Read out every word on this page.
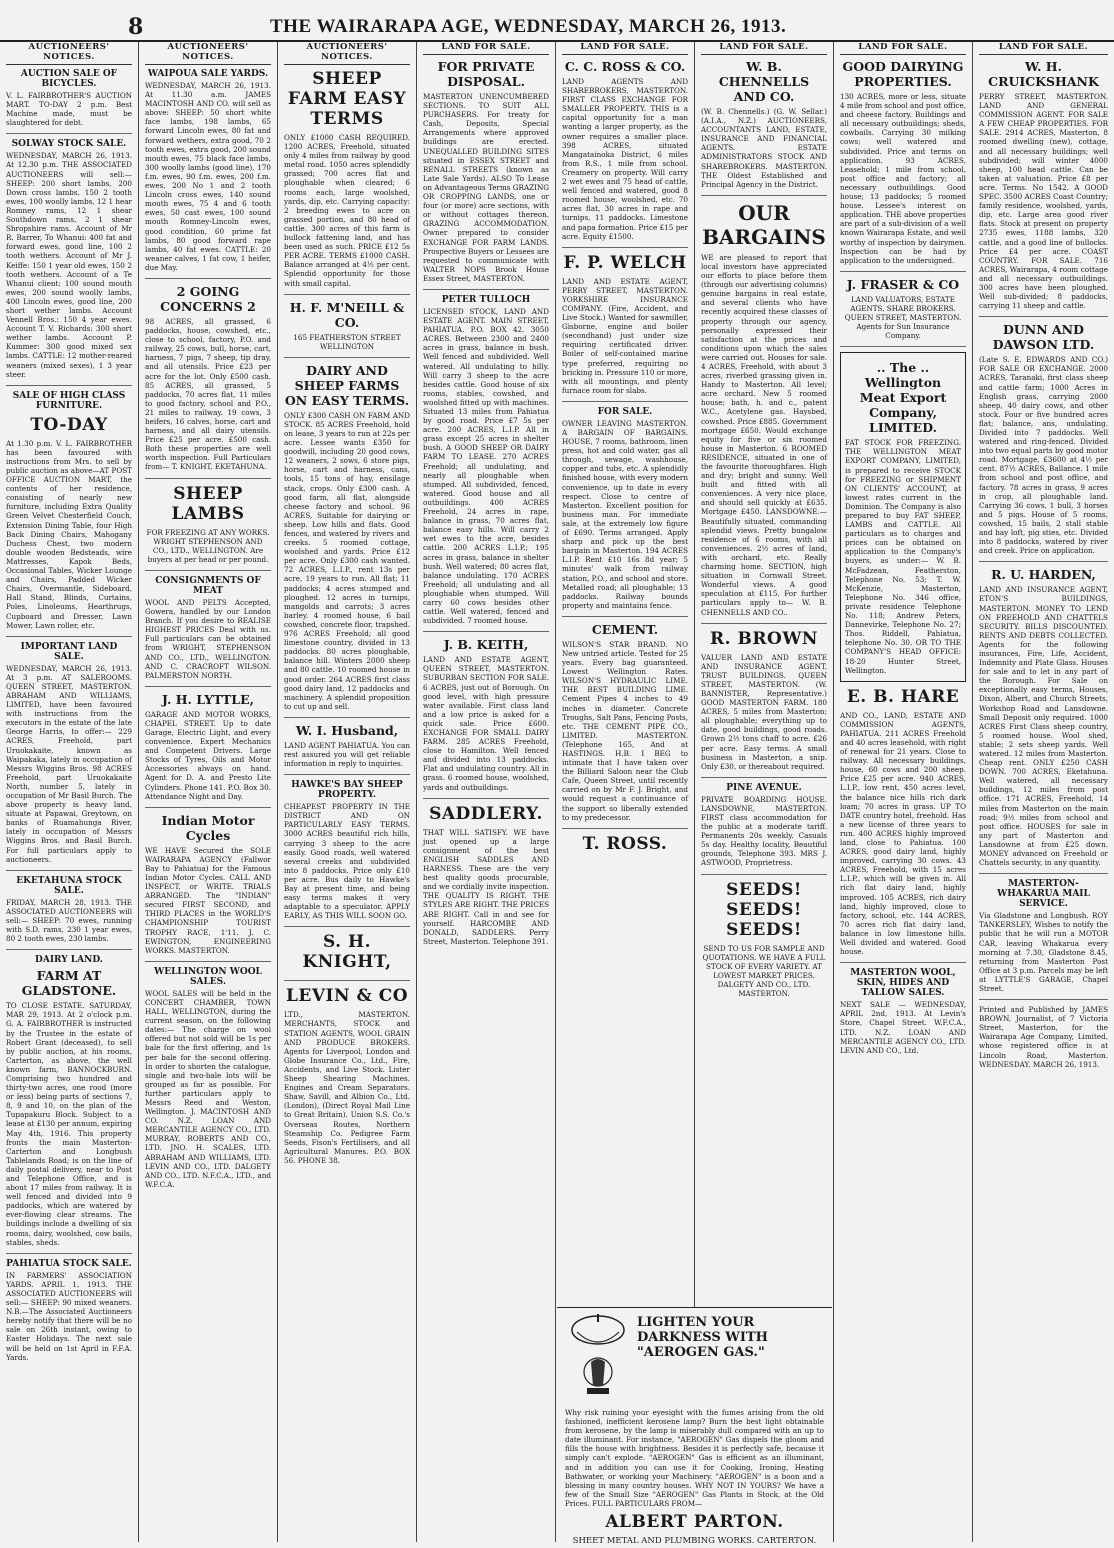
8	THE WAIRARAPA AGE, WEDNESDAY, MARCH 26, 1913.
AUCTIONEERS' NOTICES.
AUCTION SALE OF BICYCLES.
V. L. FAIRBROTHER'S AUCTION MART. TO-DAY 2 p.m. Best Machine made, must be slaughtered for debt.
SOLWAY STOCK SALE.
WEDNESDAY, MARCH 26, 1913. At 12.30 p.m. THE ASSOCIATED AUCTIONEERS will sell:— SHEEP: 200 short lambs, 200 Down cross lambs, 150 2 tooth ewes, 100 woolly lambs, 12 1 hear Romney rams, 12 1 shear Southdown rams, 2 1 shear Shropshire rams. Account of Mr R. Barrer, To Whanui: 400 fat and forward ewes, good line, 100 2 tooth wethers. Account of Mr J. Keiffe: 150 1 year old ewes, 150 2 tooth wethers. Account of a Te Whanui client: 100 sound mouth ewes, 200 sound woolly lambs, 400 Lincoln ewes, good line, 200 short wether lambs. Account Vennell Bros.: 150 4 year ewes. Account T. V. Richards: 300 short wether lambs. Account P. Kummer: 300 good mixed sex lambs. CATTLE: 12 mother-reared weaners (mixed sexes), 1 3 year steer.
SALE OF HIGH CLASS FURNITURE.
TO-DAY
At 1.30 p.m. V. L. FAIRBROTHER has been favoured with instructions from Mrs. to sell by public auction as above—AT POST OFFICE AUCTION MART, the contents of her residence, consisting of nearly new furniture, including Extra Quality Green Velvet Chesterfield Couch, Extension Dining Table, four High Back Dining Chairs, Mahogany Duchess Chest, two modern double wooden Bedsteads, wire Mattresses, Kapok Beds, Occasional Tables, Wicker Lounge and Chairs, Padded Wicker Chairs, Overmantle, Sideboard, Hall Stand, Blinds, Curtains, Poles, Linoleums, Hearthrugs, Cupboard and Dresser, Lawn Mower, Lawn roller, etc.
IMPORTANT LAND SALE.
WEDNESDAY, MARCH 26, 1913. At 3 p.m. AT SALEROOMS. QUEEN STREET, MASTERTON. ABRAHAM AND WILLIAMS, LIMITED, have been favoured with instructions from the executors in the estate of the late George Harris, to offer:— 229 ACRES, Freehold, part Uruokakaite, known as Waipakaka, lately in occupation of Messrs Wiggins Bros. 98 ACRES Freehold, part Uruokakaite North, number 5, lately in occupation of Mr Basil Burch. The above property is heavy land, situate at Papawai, Greytown, on banks of Ruamahunga River, lately in occupation of Messrs Wiggins Bros. and Basil Burch. For full particulars apply to auctioneers.
EKETAHUNA STOCK SALE.
FRIDAY, MARCH 28, 1913. THE ASSOCIATED AUCTIONEERS will sell:— SHEEP: 70 ewes, running with S.D. rams, 230 1 year ewes, 80 2 tooth ewes, 230 lambs.
DAIRY LAND.
FARM AT GLADSTONE.
TO CLOSE ESTATE. SATURDAY, MAR 29, 1913. At 2 o'clock p.m. G. A. FAIRBROTHER is instructed by the Trustee in the estate of Robert Grant (deceased), to sell by public auction, at his rooms, Carterton, as above, the well known farm, BANNOCKBURN. Comprising two hundred and thirty-two acres, one rood (more or less) being parts of sections 7, 8, 9 and 10, on the plan of the Tupapakuru Block. Subject to a lease at £130 per annum, expiring May 4th, 1916. This property fronts the main Masterton-Carterton and Longbush Tablelands Road; is on the line of daily postal delivery, near to Post and Telephone Office, and is about 17 miles from railway. It is well fenced and divided into 9 paddocks, which are watered by ever-flowing clear streams. The buildings include a dwelling of six rooms, dairy, woolshed, cow bails, stables, sheds.
PAHIATUA STOCK SALE.
IN FARMERS' ASSOCIATION YARDS. APRIL 1, 1913. THE ASSOCIATED AUCTIONEERS will sell:— SHEEP: 90 mixed weaners. N.B.—The Associated Auctioneers hereby notify that there will be no sale on 26th instant, owing to Easter Holidays. The next sale will be held on 1st April in F.F.A. Yards.
AUCTIONEERS' NOTICES.
WAIPOUA SALE YARDS.
WEDNESDAY, MARCH 26, 1913. At 11.30 a.m. JAMES MACINTOSH AND CO. will sell as above: SHEEP: 50 short white face lambs, 198 lambs, 65 forward Lincoln ewes, 80 fat and forward wethers, extra good, 70 2 tooth ewes, extra good, 200 sound mouth ewes, 75 black face lambs, 300 woolly lambs (good line), 170 f.m. ewes, 90 f.m. ewes, 200 f.m. ewes, 200 No 1 and 2 tooth Lincoln cross ewes, 140 sound mouth ewes, 75 4 and 6 tooth ewes, 50 cast ewes, 100 sound mouth Romney-Lincoln ewes, good condition, 60 prime fat lambs, 80 good forward rape lambs, 40 fat ewes. CATTLE: 20 weaner calves, 1 fat cow, 1 heifer, due May.
2 GOING CONCERNS 2
98 ACRES, all grassed, 6 paddocks, house, cowshed, etc., close to school, factory, P.O. and railway, 25 cows, bull, horse, cart, harness, 7 pigs, 7 sheep, tip dray, and all utensils. Price £23 per acre for the lot. Only £500 cash. 85 ACRES, all grassed, 5 paddocks, 70 acres flat, 11 miles to good factory, school and P.O., 21 miles to railway. 19 cows, 3 heifers, 16 calves, horse, cart and harness, and all dairy utensils. Price £25 per acre. £500 cash. Both these properties are well worth inspection. Full Particulars from— T. KNIGHT, EKETAHUNA.
SHEEP LAMBS
FOR FREEZING AT ANY WORKS. WRIGHT STEPHENSON AND CO., LTD., WELLINGTON. Are buyers at per head or per pound.
CONSIGNMENTS OF MEAT
WOOL AND PELTS Accepted, Gowera, handled by our London Branch. If you desire to REALISE HIGHEST PRICES Deal with us. Full particulars can be obtained from WRIGHT, STEPHENSON AND CO., LTD., WELLINGTON. AND C. CRACROFT WILSON. PALMERSTON NORTH.
J. H. LYTTLE,
GARAGE AND MOTOR WORKS, CHAPEL STREET. Up to date Garage, Electric Light, and every convenience. Expert Mechanics and Competent Drivers. Large Stocks of Tyres, Oils and Motor Accessories always on hand. Agent for D. A. and Presto Lite Cylinders. Phone 141. P.O. Box 30. Attendance Night and Day.
Indian Motor Cycles
WE HAVE Secured the SOLE WAIRARAPA AGENCY (Fallwor Bay to Pahiatua) for the Famous Indian Motor Cycles. CALL AND INSPECT, or WRITE. TRIALS ARRANGED. The "INDIAN" secured FIRST SECOND, and THIRD PLACES in the WORLD'S CHAMPIONSHIP TOURIST TROPHY RACE, 1'11. J. C. EWINGTON, ENGINEERING WORKS. MASTERTON.
WELLINGTON WOOL SALES.
WOOL SALES will be held in the CONCERT CHAMBER, TOWN HALL, WELLINGTON, during the current season, on the following dates:— The charge on wool offered but not sold will be 1s per bale for the first offering, and 1s per bale for the second offering. In order to shorten the catalogue, single and two-bale lots will be grouped as far as possible. For further particulars apply to Messrs Reed and Weston, Wellington. J. MACINTOSH AND CO. N.Z. LOAN AND MERCANTILE AGENCY CO., LTD. MURRAY, ROBERTS AND CO., LTD. JNO. H. SCALES, LTD. ABRAHAM AND WILLIAMS, LTD. LEVIN AND CO., LTD. DALGETY AND CO., LTD. N.F.C.A., LTD., and W.F.C.A.
AUCTIONEERS' NOTICES.
SHEEP FARM EASY TERMS
ONLY £1000 CASH REQUIRED. 1200 ACRES, Freehold, situated only 4 miles from railway by good metal road. 1050 acres splendidly grassed; 700 acres flat and ploughable when cleared; 6 rooms each, large woolshed, yards, dip, etc. Carrying capacity: 2 breeding ewes to acre on grassed portion, and 80 head of cattle. 300 acres of this farm is bullock fattening land, and has been used as such. PRICE £12 5s PER ACRE. TERMS £1000 CASH. Balance arranged at 4½ per cent. Splendid opportunity for those with small capital.
H. F. M'NEILL & CO.
165 FEATHERSTON STREET WELLINGTON
DAIRY AND SHEEP FARMS ON EASY TERMS.
ONLY £300 CASH ON FARM AND STOCK. 85 ACRES Freehold, hold on lease, 3 years to run at 22s per acre. Lessee wants £350 for goodwill, including 20 good cows, 12 weaners, 2 sows, 6 store pigs, horse, cart and harness, cans, tools, 15 tons of hay, ensilage stack, crops. Only £300 cash. A good farm, all flat, alongside cheese factory and school. 96 ACRES, Suitable for dairying or sheep. Low hills and flats. Good fences, and watered by rivers and creeks. 5 roomed cottage, woolshed and yards. Price £12 per acre. Only £300 cash wanted. 72 ACRES, L.I.P., rent 13s per acre, 19 years to run. All flat; 11 paddocks; 4 acres stumped and ploughed. 12 acres in turnips, mangolds and carrots; 3 acres barley. 4 roomed house, 6 bail cowshed, concrete floor, trapshed. 976 ACRES Freehold; all good limestone country, divided in 13 paddocks. 80 acres ploughable, balance hill. Winters 2000 sheep and 80 cattle. 10 roomed house in good order. 264 ACRES first class good dairy land, 12 paddocks and machinery. A splendid proposition to cut up and sell.
W. I. Husband,
LAND AGENT PAHIATUA. You can rest assured you will get reliable information in reply to inquiries.
HAWKE'S BAY SHEEP PROPERTY.
CHEAPEST PROPERTY IN THE DISTRICT AND ON PARTICULARLY EASY TERMS. 3000 ACRES beautiful rich hills, carrying 3 sheep to the acre easily. Good roads, well watered several creeks and subdivided into 8 paddocks. Price only £10 per acre. Bus daily to Hawke's Bay at present time, and being easy terms makes it very adaptable to a speculator. APPLY EARLY, AS THIS WILL SOON GO.
S. H. KNIGHT,
LEVIN & CO
LTD., MASTERTON. MERCHANTS, STOCK and STATION AGENTS, WOOL GRAIN AND PRODUCE BROKERS. Agents for Liverpool, London and Globe Insurance Co., Ltd., Fire, Accidents, and Live Stock. Lister Sheep Shearing Machines. Engines and Cream Separators. Shaw, Savill, and Albion Co., Ltd. (London), (Direct Royal Mail Line to Great Britain). Union S.S. Co.'s Overseas Routes, Northern Steamship Co. Pedigree Farm Seeds, Fison's Fertilisers, and all Agricultural Manures. P.O. BOX 56. PHONE 38.
LAND FOR SALE.
FOR PRIVATE DISPOSAL.
MASTERTON UNENCUMBERED SECTIONS. TO SUIT ALL PURCHASERS. For treaty for Cash, Deposits, Special Arrangements where approved buildings are erected. UNEQUALLED BUILDING SITES situated in ESSEX STREET and RENALL STREETS (known as Late Sale Yards). ALSO To Lease on Advantageous Terms GRAZING OR CROPPING LANDS, one or four (or more) acre sections, with or without cottages thereon. GRAZING ACCOMMODATION. Owner prepared to consider EXCHANGE FOR FARM LANDS. Prospective Buyers or Lessees are requested to communicate with WALTER NOPS Brook House Essex Street, MASTERTON.
PETER TULLOCH
LICENSED STOCK, LAND AND ESTATE AGENT. MAIN STREET, PAHIATUA. P.O. BOX 42. 3050 ACRES. Between 2300 and 2400 acres in grass, balance in bush. Well fenced and subdivided. Well watered. All undulating to hilly. Will carry 3 sheep to the acre besides cattle. Good house of six rooms, stables, cowshed, and woolshed fitted up with machines. Situated 13 miles from Pahiatua by good road. Price £7 5s per acre. 200 ACRES, L.I.P. All in grass except 25 acres in shelter bush. A GOOD SHEEP OR DAIRY FARM TO LEASE. 270 ACRES Freehold; all undulating, and nearly all ploughable when stumped. All subdivided, fenced, watered. Good house and all outbuildings. 400 ACRES Freehold, 24 acres in rape, balance in grass, 70 acres flat, balance easy hills. Will carry 2 wet ewes to the acre, besides cattle. 200 ACRES L.I.P.; 195 acres in grass, balance in shelter bush. Well watered; 80 acres flat, balance undulating. 170 ACRES Freehold; all undulating and all ploughable when stumped. Will carry 60 cows besides other cattle. Well watered, fenced and subdivided. 7 roomed house.
J. B. KEITH,
LAND AND ESTATE AGENT, QUEEN STREET, MASTERTON. SUBURBAN SECTION FOR SALE. 6 ACRES, just out of Borough. On good level, with high pressure water available. First class land and a low price is asked for a quick sale. Price £600. EXCHANGE FOR SMALL DAIRY FARM. 285 ACRES Freehold, close to Hamilton. Well fenced and divided into 13 paddocks. Flat and undulating country. All in grass. 6 roomed house, woolshed, yards and outbuildings.
SADDLERY.
THAT WILL SATISFY. WE have just opened up a large consignment of the best ENGLISH SADDLES AND HARNESS. These are the very best quality goods procurable, and we cordially invite inspection. THE QUALITY IS RIGHT. THE STYLES ARE RIGHT. THE PRICES ARE RIGHT. Call in and see for yourself. HARCOMBE AND DONALD, SADDLERS. Perry Street, Masterton. Telephone 391.
LAND FOR SALE.
C. C. ROSS & CO.
LAND AGENTS AND SHAREBROKERS, MASTERTON. FIRST CLASS EXCHANGE FOR SMALLER PROPERTY. THIS is a capital opportunity for a man wanting a larger property, as the owner requires a smaller place. 398 ACRES, situated Mangatainoka District, 6 miles from R.S., 1 mile from school. Creamery on property. Will carry 2 wet ewes and 75 head of cattle, well fenced and watered, good 8 roomed house, woolshed, etc. 70 acres flat, 30 acres in rape and turnips, 11 paddocks. Limestone and papa formation. Price £15 per acre. Equity £1500.
F. P. WELCH
LAND AND ESTATE AGENT, PERRY STREET, MASTERTON. YORKSHIRE INSURANCE COMPANY. (Fire, Accident, and Live Stock.) Wanted for sawmiller, Gisborne, engine and boiler (secondhand) just under size requiring certificated driver. Boiler of self-contained marine type preferred, requiring no bricking in. Pressure 110 or more, with all mountings, and plenty furnace room for slabs.
FOR SALE.
OWNER LEAVING MASTERTON. A BARGAIN OF BARGAINS. HOUSE, 7 rooms, bathroom, linen press, hot and cold water, gas all through, sewage, washhouse, copper and tubs, etc. A splendidly finished house, with every modern convenience, up to date in every respect. Close to centre of Masterton. Excellent position for business man. For immediate sale, at the extremely low figure of £690. Terms arranged. Apply sharp and pick up the best bargain in Masterton. 194 ACRES L.I.P. Rent £10 16s 8d year; 5 minutes' walk from railway station, P.O., and school and store. Metalled road; all ploughable; 13 paddocks. Railway bounds property and maintains fence.
CEMENT.
WILSON'S STAR BRAND. NO New untried article. Tested for 25 years. Every bag guaranteed. Lowest Wellington Rates. WILSON'S HYDRAULIC LIME. THE BEST BUILDING LIME. Cement Pipes 4 inches to 49 inches in diameter. Concrete Troughs, Salt Pans, Fencing Posts, etc. THE CEMENT PIPE CO., LIMITED. MASTERTON. (Telephone 165, And at HASTINGS. H.B. I BEG to intimate that I have taken over the Billiard Saloon near the Club Cafe, Queen Street, until recently carried on by Mr F. J. Bright, and would request a continuance of the support so liberally extended to my predecessor.
T. ROSS.
LAND FOR SALE.
W. B. CHENNELLS AND CO.
(W. B. Chennells.) (G. W. Sellar.) (A.I.A., N.Z.) AUCTIONEERS, ACCOUNTANTS LAND, ESTATE, INSURANCE AND FINANCIAL AGENTS. ESTATE ADMINISTRATORS STOCK AND SHAREBROKERS. MASTERTON. THE Oldest Established and Principal Agency in the District.
OUR BARGAINS
WE are pleased to report that local investors have appreciated our efforts to place before them (through our advertising columns) genuine bargains in real estate, and several clients who have recently acquired these classes of property through our agency, personally expressed their satisfaction at the prices and conditions upon which the sales were carried out. Houses for sale. 4 ACRES, Freehold, with about 3 acres, riverbed grassing given in. Handy to Masterton. All level; acre orchard. New 5 roomed house; bath, h. and c., patent W.C., Acetylene gas. Haysbed, cowshed. Price £885. Government mortgage £650. Would exchange equity for five or six roomed house in Masterton. 6 ROOMED RESIDENCE, situated in one of the favourite thoroughfares. High and dry; bright and sunny. Well built and fitted with all conveniences. A very nice place, and should sell quickly at £635. Mortgage £450. LANSDOWNE.—Beautifully situated, commanding splendid views. Pretty bungalow residence of 6 rooms, with all conveniences. 2½ acres of land, with orchard, etc. Really charming home. SECTION, high situation in Cornwall Street. Wonderful views. A good speculation at £115. For further particulars apply to— W. B. CHENNELLS AND CO..
R. BROWN
VALUER LAND AND ESTATE AND INSURANCE AGENT. TRUST BUILDINGS. QUEEN STREET, MASTERTON. (W. BANNISTER, Representative.) GOOD MASTERTON FARM. 180 ACRES, 5 miles from Masterton; all ploughable; everything up to date, good buildings, good roads. Grown 2½ tons chaff to acre. £26 per acre. Easy terms. A small business in Masterton, a snip. Only £30, or thereabout required.
PINE AVENUE.
PRIVATE BOARDING HOUSE. LANSDOWNE, MASTERTON. FIRST class accommodation for the public at a moderate tariff. Permanents 20s weekly. Casuals 5s day. Healthy locality, Beautiful grounds, Telephone 393. MRS J. ASTWOOD, Proprietress.
SEEDS! SEEDS! SEEDS!
SEND TO US FOR SAMPLE AND QUOTATIONS. WE HAVE A FULL STOCK OF EVERY VARIETY. AT LOWEST MARKET PRICES. DALGETY AND CO., LTD. MASTERTON.
LAND FOR SALE.
GOOD DAIRYING PROPERTIES.
130 ACRES, more or less, situate 4 mile from school and post office, and cheese factory. Buildings and all necessary outbuildings; sheds, cowbails. Carrying 30 milking cows; well watered and subdivided. Price and terms on application. 93 ACRES, Leasehold; 1 mile from school, post office and factory; all necessary outbuildings. Good house; 13 paddocks; 5 roomed house. Lessee's interest on application. THE above properties are part of a sub-division of a well known Wairarapa Estate, and well worthy of inspection by dairymen. Inspection can be had by application to the undersigned.
J. FRASER & CO
LAND VALUATORS, ESTATE AGENTS, SHARE BROKERS. QUEEN STREET, MASTERTON. Agents for Sun Insurance Company.
.. The .. Wellington Meat Export Company, LIMITED.
FAT STOCK FOR FREEZING. THE WELLINGTON MEAT EXPORT COMPANY, LIMITED, is prepared to receive STOCK for FREEZING or SHIPMENT ON CLIENTS' ACCOUNT, at lowest rates current in the Dominion. The Company is also prepared to buy FAT SHEEP, LAMBS and CATTLE. All particulars as to charges and prices can be obtained on application to the Company's buyers, as under:— W. B. McFadzean, Featherston, Telephone No. 53; T. W. McKenzie, Masterton, Telephone No. 346 office, private residence Telephone No. 118; Andrew Peters, Dannevirke, Telephone No. 27; Thos. Riddell, Pahiatua, telephone No. 30. OR TO THE COMPANY'S HEAD OFFICE: 18-20 Hunter Street, Wellington.
E. B. HARE
AND CO., LAND, ESTATE AND COMMISSION AGENTS, PAHIATUA. 211 ACRES Freehold and 40 acres leasehold, with right of renewal for 21 years. Close to railway. All necessary buildings, house, 60 cows and 200 sheep. Price £25 per acre. 940 ACRES, L.I.P., low rent, 450 acres level, the balance nice hills rich dark loam; 70 acres in grass. UP TO DATE country hotel, freehold. Has a new license of three years to run. 400 ACRES highly improved land, close to Pahiatua. 100 ACRES, good dairy land, highly improved, carrying 30 cows. 43 ACRES, Freehold, with 15 acres L.I.P., which will be given in. All rich flat dairy land, highly improved. 105 ACRES, rich dairy land, highly improved, close to factory, school, etc. 144 ACRES, 70 acres rich flat dairy land, balance in low limestone hills. Well divided and watered. Good house.
MASTERTON WOOL, SKIN, HIDES AND TALLOW SALES.
NEXT SALE — WEDNESDAY, APRIL 2nd, 1913. At Levin's Store, Chapel Street. W.F.C.A., LTD. N.Z. LOAN AND MERCANTILE AGENCY CO., LTD. LEVIN AND CO., Ltd.
LAND FOR SALE.
W. H. CRUICKSHANK
PERRY STREET, MASTERTON. LAND AND GENERAL COMMISSION AGENT. FOR SALE A FEW CHEAP PROPERTIES. FOR SALE. 2914 ACRES, Masterton, 8 roomed dwelling (new), cottage, and all necessary buildings; well subdivided; will winter 4000 sheep, 100 head cattle. Can be taken at valuation. Price £8 per acre. Terms. No 1542. A GOOD SPEC. 3500 ACRES Coast Country; family residence, woolshed, yards, dip, etc. Large area good river flats. Stock at present on property 2735 ewes, 1188 lambs, 320 cattle, and a good line of bullocks. Price £4 per acre. COAST COUNTRY. FOR SALE. 716 ACRES, Wairarapa, 4 room cottage and all necessary outbuildings. 300 acres have been ploughed. Well sub-divided; 8 paddocks, carrying 11 sheep and cattle.
DUNN AND DAWSON LTD.
(Late S. E. EDWARDS AND CO.) FOR SALE OR EXCHANGE. 2000 ACRES, Taranaki, first class sheep and cattle farm; 1000 Acres in English grass, carrying 2000 sheep, 40 dairy cows, and other stock. Four or five hundred acres flat; balance, ans, undulating. Divided into 7 paddocks. Well watered and ring-fenced. Divided into two equal parts by good motor road. Mortgage, £3600 at 4½ per cent. 87½ ACRES, Ballance. 1 mile from school and post office, and factory. 78 acres in grass, 9 acres in crop, all ploughable land. Carrying 36 cows, 1 bull, 3 horses and 5 pigs. House of 5 rooms, cowshed, 15 bails, 2 stall stable and hay loft, pig sties, etc. Divided into 8 paddocks, watered by river and creek. Price on application.
R. U. HARDEN,
LAND AND INSURANCE AGENT, ETON'S BUILDINGS, MASTERTON. MONEY TO LEND ON FREEHOLD AND CHATTELS SECURITY. BILLS DISCOUNTED. RENTS AND DEBTS COLLECTED. Agents for the following insurances, Fire, Life, Accident, Indemnity and Plate Glass. Houses for sale and to let in any part of the Borough. For Sale on exceptionally easy terms, Houses, Dixon, Albert, and Church Streets, Workshop Road and Lansdowne. Small Deposit only required. 1000 ACRES First Class sheep country, 5 roomed house. Wool shed, stable; 2 sets sheep yards. Well watered. 12 miles from Masterton. Cheap rent. ONLY £250 CASH DOWN. 700 ACRES, Eketahuna. Well watered, all necessary buildings, 12 miles from post office. 171 ACRES, Freehold, 14 miles from Masterton on the main road; 9½ miles from school and post office. HOUSES for sale in any part of Masterton and Lansdowne at from £25 down. MONEY advanced on Freehold or Chattels security, in any quantity.
MASTERTON-WHAKARUA MAIL SERVICE.
Via Gladstone and Longbush. ROY TANKERSLEY, Wishes to notify the public that he will run a MOTOR CAR, leaving Whakarua every morning at 7.30, Gladstone 8.45, returning from Masterton Post Office at 3 p.m. Parcels may be left at LYTTLE'S GARAGE, Chapel Street.
Printed and Published by JAMES BROWN, Journalist, of 7 Victoria Street, Masterton, for the Wairarapa Age Company, Limited, whose registered office is at Lincoln Road, Masterton. WEDNESDAY, MARCH 26, 1913.
LIGHTEN YOUR DARKNESS WITH "AEROGEN GAS."
Why risk ruining your eyesight with the fumes arising from the old fashioned, inefficient kerosene lamp? Burn the best light obtainable from kerosene, by the lamp is miserably dull compared with an up to date illuminant. For instance, "AEROGEN" Gas dispels the gloom and fills the house with brightness. Besides it is perfectly safe, because it simply can't explode. "AEROGEN" Gas is efficient as an illuminant, and in addition you can use it for Cooking, Ironing, Heating Bathwater, or working your Machinery. "AEROGEN" is a boon and a blessing in many country houses. WHY NOT IN YOURS? We have a few of the Small Size "AEROGEN" Gas Plants in Stock, at the Old Prices. FULL PARTICULARS FROM—
ALBERT PARTON.
SHEET METAL AND PLUMBING WORKS. CARTERTON.
